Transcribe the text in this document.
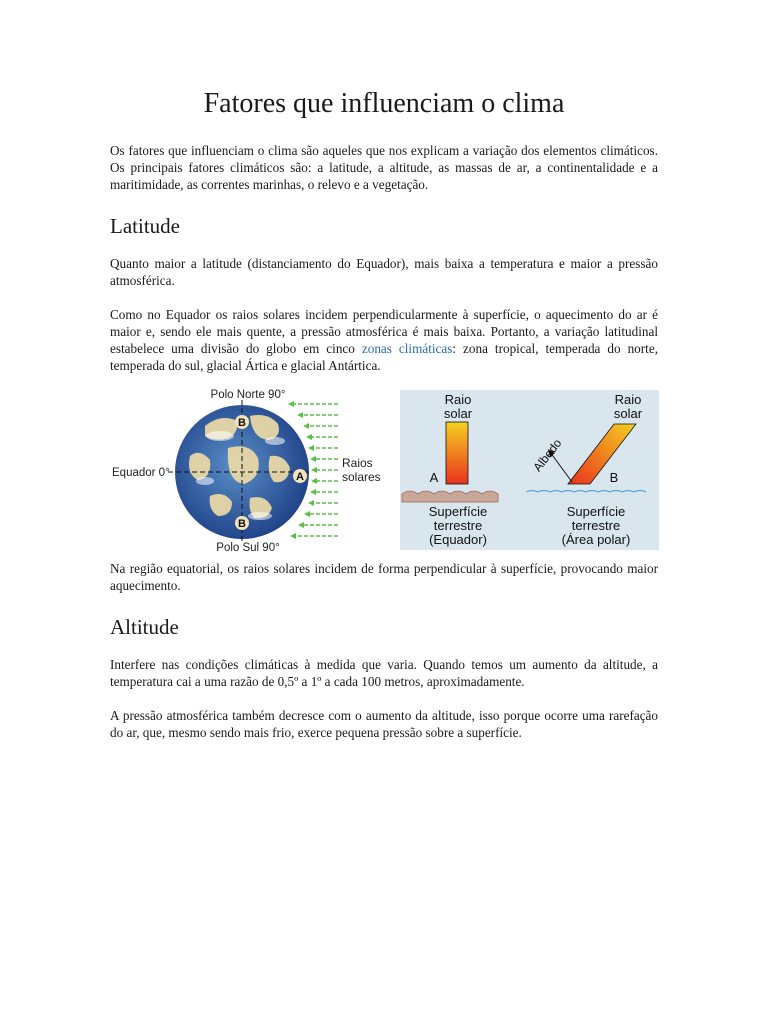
Fatores que influenciam o clima

Os fatores que influenciam o clima são aqueles que nos explicam a variação dos elementos climáticos. Os principais fatores climáticos são: a latitude, a altitude, as massas de ar, a continentalidade e a maritimidade, as correntes marinhas, o relevo e a vegetação.

Latitude

Quanto maior a latitude (distanciamento do Equador), mais baixa a temperatura e maior a pressão atmosférica.

Como no Equador os raios solares incidem perpendicularmente à superfície, o aquecimento do ar é maior e, sendo ele mais quente, a pressão atmosférica é mais baixa. Portanto, a variação latitudinal estabelece uma divisão do globo em cinco zonas climáticas: zona tropical, temperada do norte, temperada do sul, glacial Ártica e glacial Antártica.

B
B
A
Polo Norte 90°
Polo Sul 90°
Equador 0°
Raios
solares
Raio
solar
A
Superfície
terrestre
(Equador)
Raio
solar
Albedo
B
Superfície
terrestre
(Área polar)

Na região equatorial, os raios solares incidem de forma perpendicular à superfície, provocando maior aquecimento.

Altitude

Interfere nas condições climáticas à medida que varia. Quando temos um aumento da altitude, a temperatura cai a uma razão de 0,5º a 1º a cada 100 metros, aproximadamente.

A pressão atmosférica também decresce com o aumento da altitude, isso porque ocorre uma rarefação do ar, que, mesmo sendo mais frio, exerce pequena pressão sobre a superfície.
